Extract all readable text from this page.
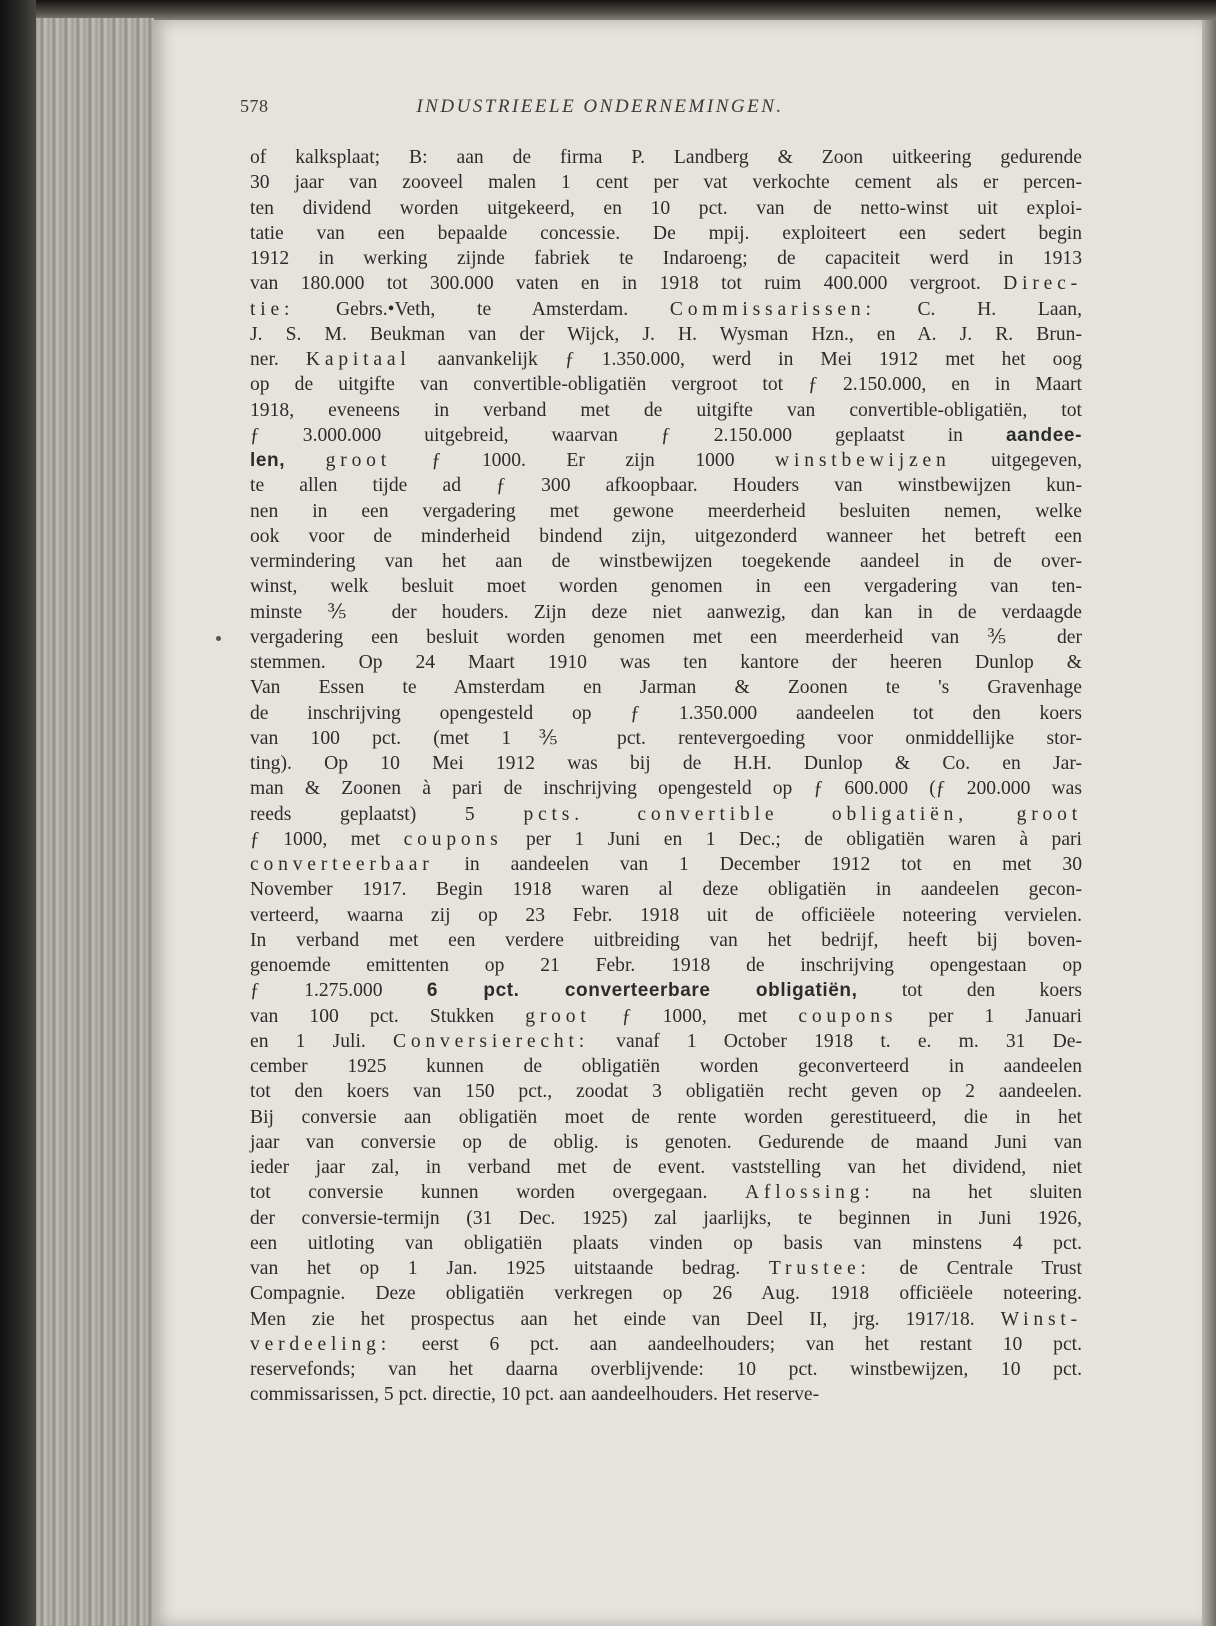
578	INDUSTRIEELE ONDERNEMINGEN.
of kalksplaat; B: aan de firma P. Landberg & Zoon uitkeering gedurende
30 jaar van zooveel malen 1 cent per vat verkochte cement als er percen-
ten dividend worden uitgekeerd, en 10 pct. van de netto-winst uit exploi-
tatie van een bepaalde concessie. De mpij. exploiteert een sedert begin
1912 in werking zijnde fabriek te Indaroeng; de capaciteit werd in 1913
van 180.000 tot 300.000 vaten en in 1918 tot ruim 400.000 vergroot. Direc-
tie: Gebrs.•Veth, te Amsterdam. Commissarissen: C. H. Laan,
J. S. M. Beukman van der Wijck, J. H. Wysman Hzn., en A. J. R. Brun-
ner. Kapitaal aanvankelijk ƒ 1.350.000, werd in Mei 1912 met het oog
op de uitgifte van convertible-obligatiën vergroot tot ƒ 2.150.000, en in Maart
1918, eveneens in verband met de uitgifte van convertible-obligatiën, tot
ƒ 3.000.000 uitgebreid, waarvan ƒ 2.150.000 geplaatst in aandee-
len, groot ƒ 1000. Er zijn 1000 winstbewijzen uitgegeven,
te allen tijde ad ƒ 300 afkoopbaar. Houders van winstbewijzen kun-
nen in een vergadering met gewone meerderheid besluiten nemen, welke
ook voor de minderheid bindend zijn, uitgezonderd wanneer het betreft een
vermindering van het aan de winstbewijzen toegekende aandeel in de over-
winst, welk besluit moet worden genomen in een vergadering van ten-
minste ⅗ der houders. Zijn deze niet aanwezig, dan kan in de verdaagde
vergadering een besluit worden genomen met een meerderheid van ⅗ der
stemmen. Op 24 Maart 1910 was ten kantore der heeren Dunlop &
Van Essen te Amsterdam en Jarman & Zoonen te 's Gravenhage
de inschrijving opengesteld op ƒ 1.350.000 aandeelen tot den koers
van 100 pct. (met 1⅗ pct. rentevergoeding voor onmiddellijke stor-
ting). Op 10 Mei 1912 was bij de H.H. Dunlop & Co. en Jar-
man & Zoonen à pari de inschrijving opengesteld op ƒ 600.000 (ƒ 200.000 was
reeds geplaatst) 5 pcts. convertible obligatiën, groot
ƒ 1000, met coupons per 1 Juni en 1 Dec.; de obligatiën waren à pari
converteerbaar in aandeelen van 1 December 1912 tot en met 30
November 1917. Begin 1918 waren al deze obligatiën in aandeelen gecon-
verteerd, waarna zij op 23 Febr. 1918 uit de officiëele noteering vervielen.
In verband met een verdere uitbreiding van het bedrijf, heeft bij boven-
genoemde emittenten op 21 Febr. 1918 de inschrijving opengestaan op
ƒ 1.275.000 6 pct. converteerbare obligatiën, tot den koers
van 100 pct. Stukken groot ƒ 1000, met coupons per 1 Januari
en 1 Juli. Conversierecht: vanaf 1 October 1918 t. e. m. 31 De-
cember 1925 kunnen de obligatiën worden geconverteerd in aandeelen
tot den koers van 150 pct., zoodat 3 obligatiën recht geven op 2 aandeelen.
Bij conversie aan obligatiën moet de rente worden gerestitueerd, die in het
jaar van conversie op de oblig. is genoten. Gedurende de maand Juni van
ieder jaar zal, in verband met de event. vaststelling van het dividend, niet
tot conversie kunnen worden overgegaan. Aflossing: na het sluiten
der conversie-termijn (31 Dec. 1925) zal jaarlijks, te beginnen in Juni 1926,
een uitloting van obligatiën plaats vinden op basis van minstens 4 pct.
van het op 1 Jan. 1925 uitstaande bedrag. Trustee: de Centrale Trust
Compagnie. Deze obligatiën verkregen op 26 Aug. 1918 officiëele noteering.
Men zie het prospectus aan het einde van Deel II, jrg. 1917/18. Winst-
verdeeling: eerst 6 pct. aan aandeelhouders; van het restant 10 pct.
reservefonds; van het daarna overblijvende: 10 pct. winstbewijzen, 10 pct.
commissarissen, 5 pct. directie, 10 pct. aan aandeelhouders. Het reserve-
